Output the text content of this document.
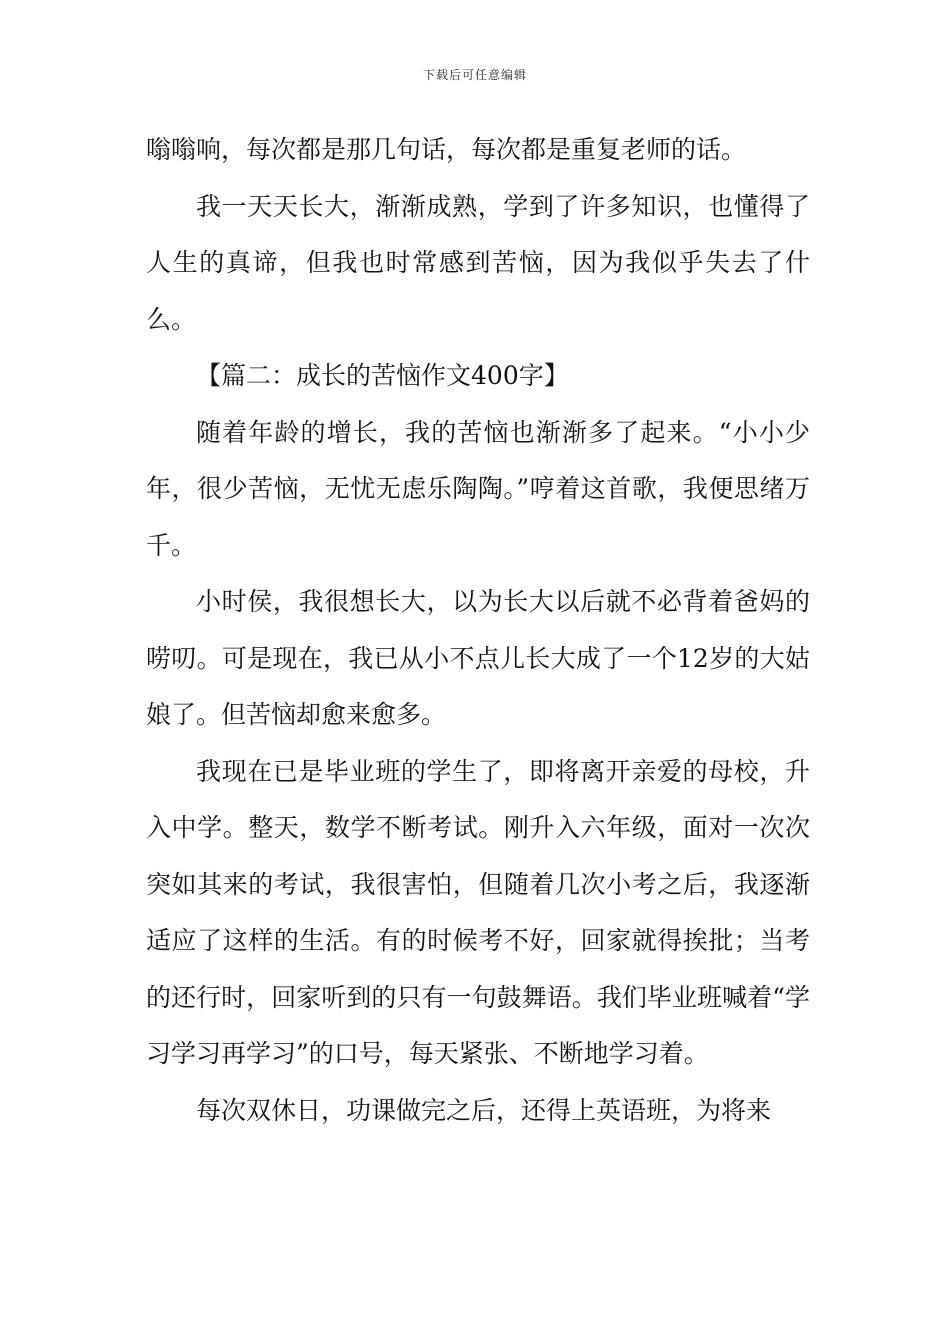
下载后可任意编辑

嗡嗡响，每次都是那几句话，每次都是重复老师的话。

我一天天长大，渐渐成熟，学到了许多知识，也懂得了人生的真谛，但我也时常感到苦恼，因为我似乎失去了什么。

【篇二：成长的苦恼作文400字】

随着年龄的增长，我的苦恼也渐渐多了起来。“小小少年，很少苦恼，无忧无虑乐陶陶。”哼着这首歌，我便思绪万千。

小时侯，我很想长大，以为长大以后就不必背着爸妈的唠叨。可是现在，我已从小不点儿长大成了一个12岁的大姑娘了。但苦恼却愈来愈多。

我现在已是毕业班的学生了，即将离开亲爱的母校，升入中学。整天，数学不断考试。刚升入六年级，面对一次次突如其来的考试，我很害怕，但随着几次小考之后，我逐渐适应了这样的生活。有的时候考不好，回家就得挨批；当考的还行时，回家听到的只有一句鼓舞语。我们毕业班喊着“学习学习再学习”的口号，每天紧张、不断地学习着。

每次双休日，功课做完之后，还得上英语班，为将来
